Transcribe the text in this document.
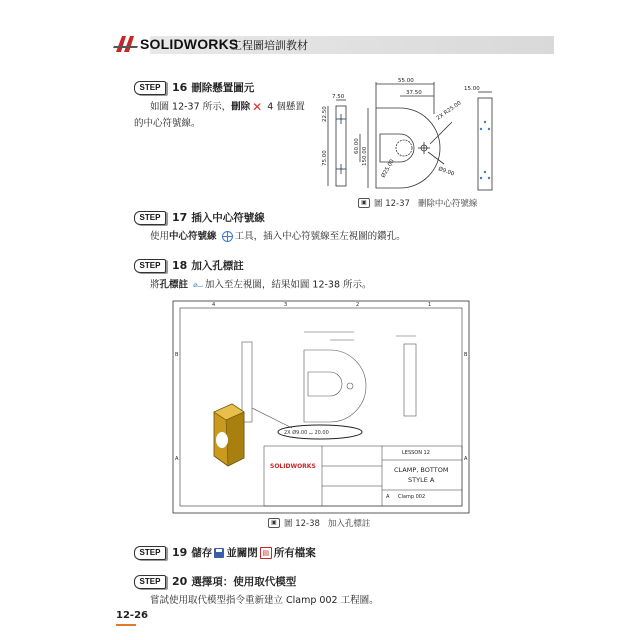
SOLIDWORKS
工程圖培訓教材
STEP	16 刪除懸置圖元
如圖 12-37 所示，刪除 ✕ 4 個懸置
的中心符號線。
7.50
22.50
75.00
55.00
37.50
15.00
150.00
60.00
2X R25.00
Ø25.00	Ø9.00
▣ 圖 12-37 刪除中心符號線
STEP	17 插入中心符號線
使用中心符號線 工具，插入中心符號線至左視圖的鑽孔。
STEP	18 加入孔標註
將孔標註 ⌀⌴ 加入至左視圖，結果如圖 12-38 所示。
4	3	2	1
B
A
B
A
2X Ø9.00 ⌴ 20.00
SOLIDWORKS
LESSON 12
CLAMP, BOTTOM
STYLE A
A Clamp 002
▣ 圖 12-38 加入孔標註
STEP	19 儲存 並關閉 ▤ 所有檔案
STEP	20 選擇項：使用取代模型
嘗試使用取代模型指令重新建立 Clamp 002 工程圖。
12-26
